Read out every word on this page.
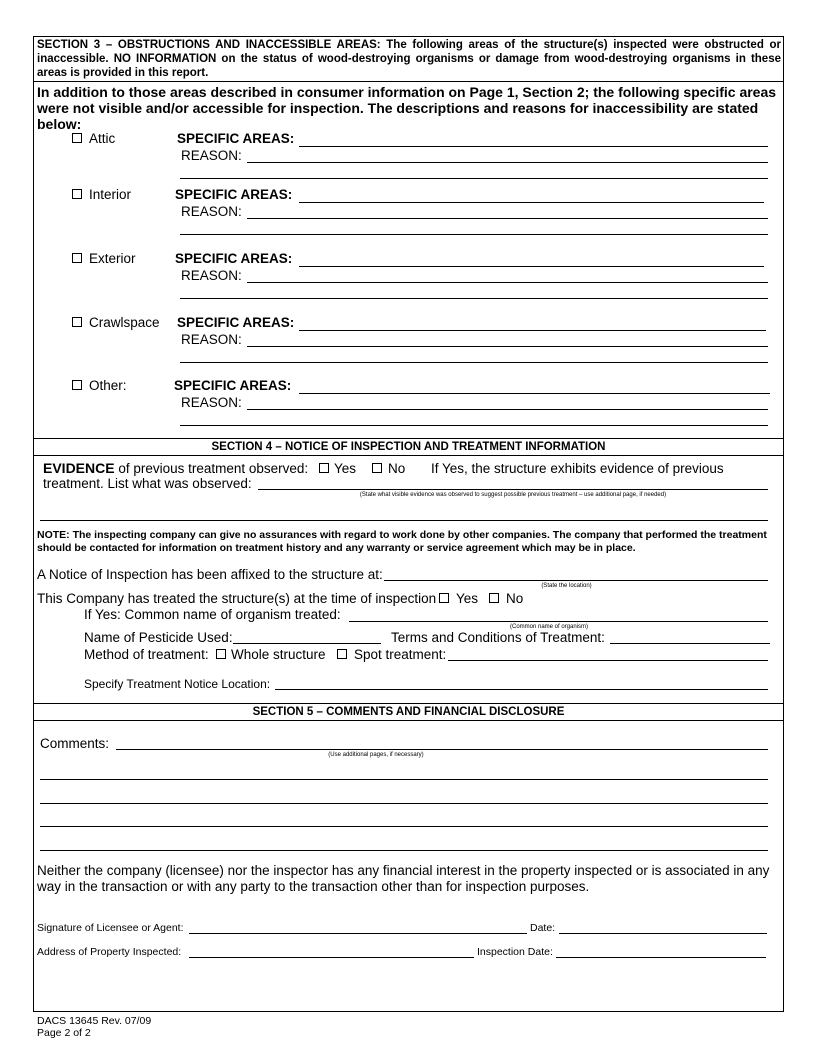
SECTION 3 – OBSTRUCTIONS AND INACCESSIBLE AREAS: The following areas of the structure(s) inspected were obstructed or inaccessible. NO INFORMATION on the status of wood-destroying organisms or damage from wood-destroying organisms in these areas is provided in this report.
In addition to those areas described in consumer information on Page 1, Section 2; the following specific areas were not visible and/or accessible for inspection. The descriptions and reasons for inaccessibility are stated below:
Attic	SPECIFIC AREAS:
REASON:
Interior	SPECIFIC AREAS:
REASON:
Exterior	SPECIFIC AREAS:
REASON:
Crawlspace SPECIFIC AREAS:
REASON:
Other:	SPECIFIC AREAS:
REASON:
SECTION 4 – NOTICE OF INSPECTION AND TREATMENT INFORMATION
EVIDENCE of previous treatment observed: Yes No If Yes, the structure exhibits evidence of previous
treatment. List what was observed:
(State what visible evidence was observed to suggest possible previous treatment – use additional page, if needed)
NOTE: The inspecting company can give no assurances with regard to work done by other companies. The company that performed the treatment should be contacted for information on treatment history and any warranty or service agreement which may be in place.
A Notice of Inspection has been affixed to the structure at:
(State the location)
This Company has treated the structure(s) at the time of inspection Yes No
If Yes: Common name of organism treated:
(Common name of organism)
Name of Pesticide Used:	Terms and Conditions of Treatment:
Method of treatment: Whole structure Spot treatment:
Specify Treatment Notice Location:
SECTION 5 – COMMENTS AND FINANCIAL DISCLOSURE
Comments:
(Use additional pages, if necessary)
Neither the company (licensee) nor the inspector has any financial interest in the property inspected or is associated in any way in the transaction or with any party to the transaction other than for inspection purposes.
Signature of Licensee or Agent:	Date:
Address of Property Inspected:	Inspection Date:
DACS 13645 Rev. 07/09
Page 2 of 2
